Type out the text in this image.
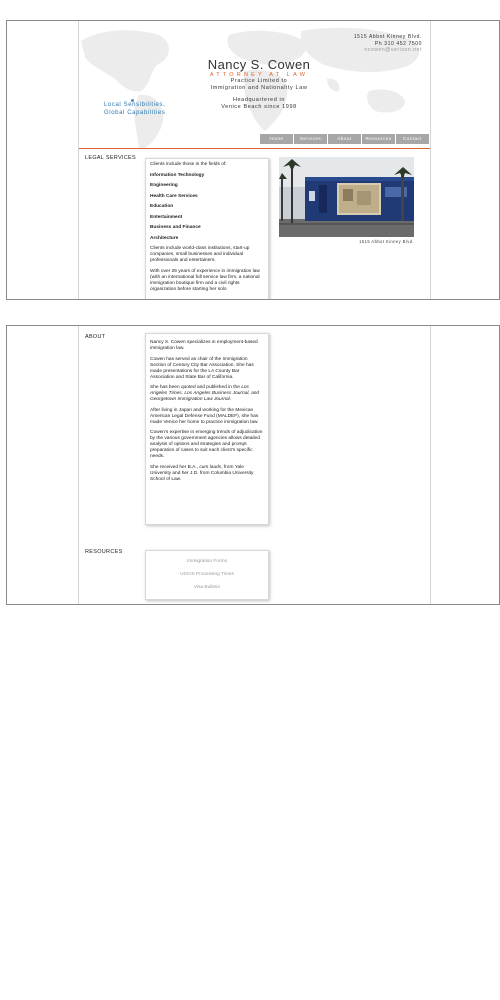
1515 Abbot Kinney Blvd.
Ph 310 452 7500
ncowen@verizon.net
Nancy S. Cowen
ATTORNEY AT LAW
Practice Limited to
Immigration and Nationality Law
Headquartered in
Venice Beach since 1998
Local Sensibilities,
Global Capabilities
Home	Services	About	Resources	Contact
LEGAL SERVICES

Clients include those in the fields of:

Information Technology
Engineering
Health Care Services
Education
Entertainment
Business and Finance
Architecture

Clients include world-class institutions, start-up companies, small businesses and individual professionals and entertainers.

With over 25 years of experience in immigration law (with an international full service law firm, a national immigration boutique firm and a civil rights organization before starting her solo

1515 Abbot Kinney Blvd.
ABOUT

Nancy S. Cowen specializes in employment-based immigration law.

Cowen has served as chair of the Immigration Section of Century City Bar Association. She has made presentations for the LA County Bar Association and State Bar of California.

She has been quoted and published in the Los Angeles Times, Los Angeles Business Journal, and Georgetown Immigration Law Journal.

After living in Japan and working for the Mexican American Legal Defense Fund (MALDEF), she has made Venice her home to practice immigration law.

Cowen's expertise in emerging trends of adjudication by the various government agencies allows detailed analysis of options and strategies and prompt preparation of cases to suit each client's specific needs.

She received her B.A., cum lauds, from Yale University and her J.D. from Columbia University School of Law.

RESOURCES
Immigration Forms
USCIS Processing Times
Visa Bulletin
